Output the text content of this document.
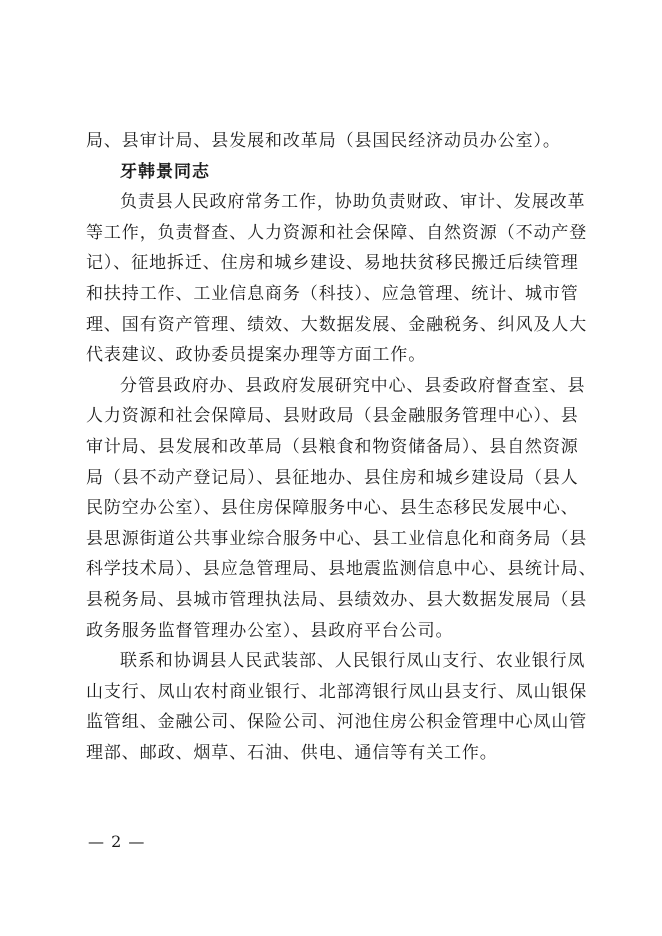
局、县审计局、县发展和改革局（县国民经济动员办公室）。

牙韩景同志

负责县人民政府常务工作，协助负责财政、审计、发展改革
等工作，负责督查、人力资源和社会保障、自然资源（不动产登
记）、征地拆迁、住房和城乡建设、易地扶贫移民搬迁后续管理
和扶持工作、工业信息商务（科技）、应急管理、统计、城市管
理、国有资产管理、绩效、大数据发展、金融税务、纠风及人大
代表建议、政协委员提案办理等方面工作。

分管县政府办、县政府发展研究中心、县委政府督查室、县
人力资源和社会保障局、县财政局（县金融服务管理中心）、县
审计局、县发展和改革局（县粮食和物资储备局）、县自然资源
局（县不动产登记局）、县征地办、县住房和城乡建设局（县人
民防空办公室）、县住房保障服务中心、县生态移民发展中心、
县思源街道公共事业综合服务中心、县工业信息化和商务局（县
科学技术局）、县应急管理局、县地震监测信息中心、县统计局、
县税务局、县城市管理执法局、县绩效办、县大数据发展局（县
政务服务监督管理办公室）、县政府平台公司。

联系和协调县人民武装部、人民银行凤山支行、农业银行凤
山支行、凤山农村商业银行、北部湾银行凤山县支行、凤山银保
监管组、金融公司、保险公司、河池住房公积金管理中心凤山管
理部、邮政、烟草、石油、供电、通信等有关工作。

— 2 —
